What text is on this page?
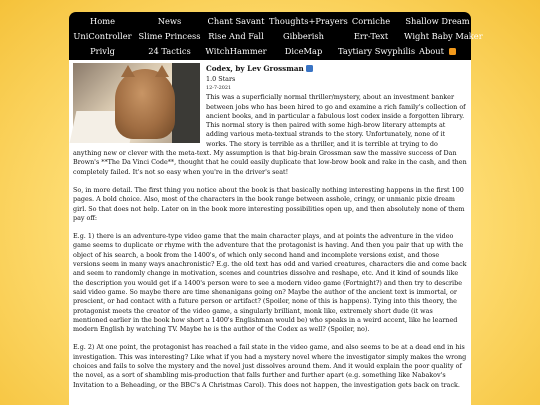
Home	News	Chant Savant Thoughts+Prayers Corniche	Shallow Dream
UniController Slime Princess Rise And Fall	Gibberish	Err-Text	Wight Baby Maker
Privlg	24 Tactics	WitchHammer	DiceMap	Taytiary Swyphilis About
Codex, by Lev Grossman
1.0 Stars
12-7-2021

This was a superficially normal thriller/mystery, about an investment banker between jobs who has been hired to go and examine a rich family's collection of ancient books, and in particular a fabulous lost codex inside a forgotten library. This normal story is then paired with some high-brow literary attempts at adding various meta-textual strands to the story. Unfortunately, none of it works. The story is terrible as a thriller, and it is terrible at trying to do anything new or clever with the meta-text. My assumption is that big-brain Grossman saw the massive success of Dan Brown's **The Da Vinci Code**, thought that he could easily duplicate that low-brow book and rake in the cash, and then completely failed. It's not so easy when you're in the driver's seat!

So, in more detail. The first thing you notice about the book is that basically nothing interesting happens in the first 100 pages. A bold choice. Also, most of the characters in the book range between asshole, cringy, or unmanic pixie dream girl. So that does not help. Later on in the book more interesting possibilities open up, and then absolutely none of them pay off:

E.g. 1) there is an adventure-type video game that the main character plays, and at points the adventure in the video game seems to duplicate or rhyme with the adventure that the protagonist is having. And then you pair that up with the object of his search, a book from the 1400's, of which only second hand and incomplete versions exist, and those versions seem in many ways anachronistic? E.g. the old text has odd and varied creatures, characters die and come back and seem to randomly change in motivation, scenes and countries dissolve and reshape, etc. And it kind of sounds like the description you would get if a 1400's person were to see a modern video game (Fortnight?) and then try to describe said video game. So maybe there are time shenanigans going on? Maybe the author of the ancient text is immortal, or prescient, or had contact with a future person or artifact? (Spoiler, none of this is happens). Tying into this theory, the protagonist meets the creator of the video game, a singularly brilliant, monk like, extremely short dude (it was mentioned earlier in the book how short a 1400's Englishman would be) who speaks in a weird accent, like he learned modern English by watching TV. Maybe he is the author of the Codex as well? (Spoiler, no).

E.g. 2) At one point, the protagonist has reached a fail state in the video game, and also seems to be at a dead end in his investigation. This was interesting? Like what if you had a mystery novel where the investigator simply makes the wrong choices and fails to solve the mystery and the novel just dissolves around them. And it would explain the poor quality of the novel, as a sort of shambling mis-production that falls further and further apart (e.g. something like Nabakov's Invitation to a Beheading, or the BBC's A Christmas Carol). This does not happen, the investigation gets back on track.
